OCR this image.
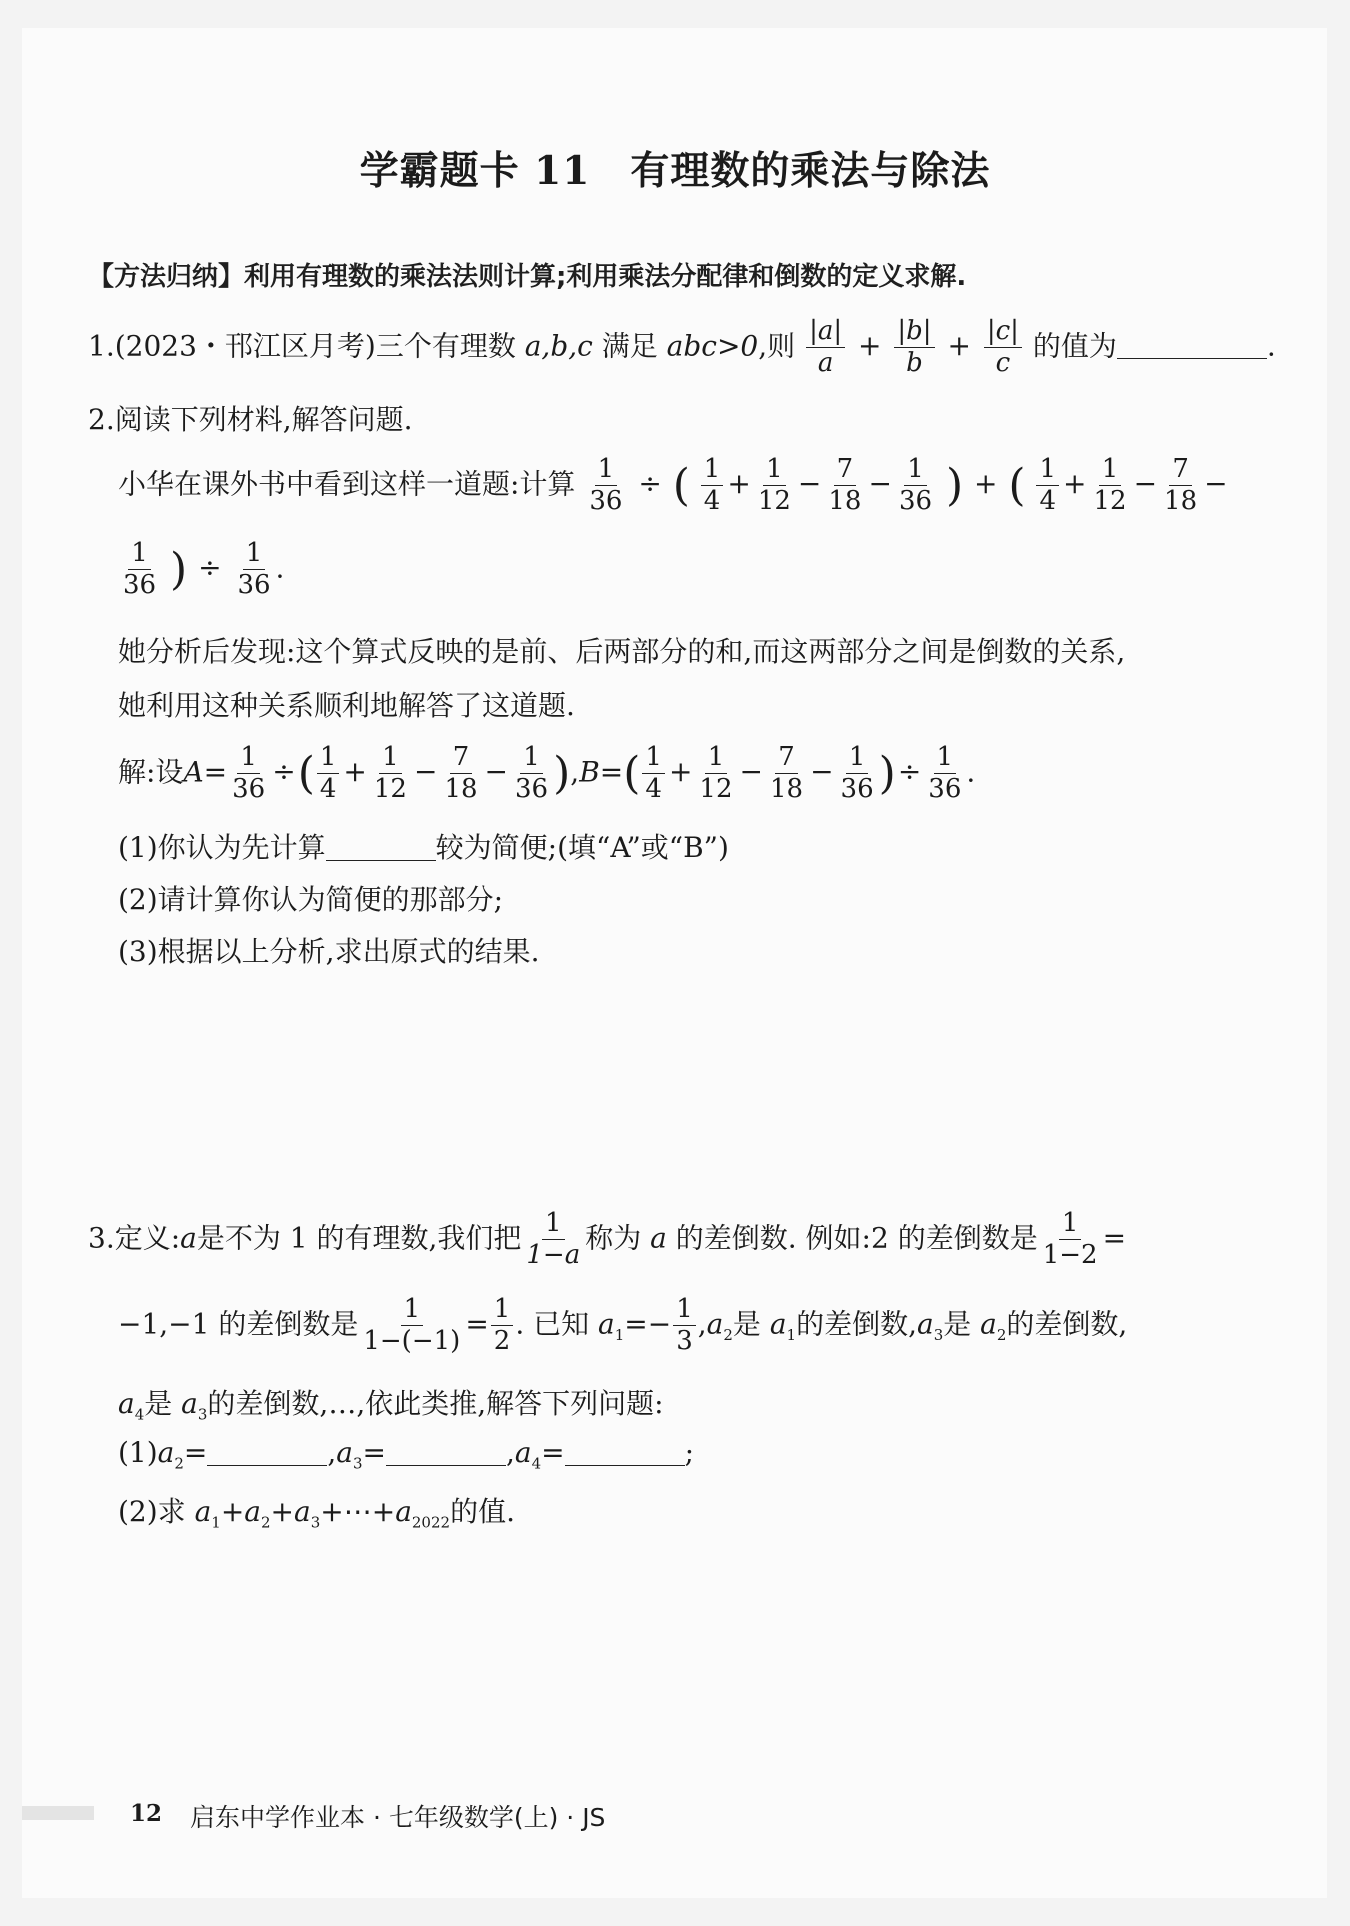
学霸题卡 11 有理数的乘法与除法
【方法归纳】利用有理数的乘法法则计算;利用乘法分配律和倒数的定义求解.
1.(2023・邗江区月考)三个有理数 a,b,c 满足 abc>0,则 $\frac{|a|}{a} + \frac{|b|}{b} + \frac{|c|}{c}$ 的值为	.
2.阅读下列材料,解答问题.
小华在课外书中看到这样一道题:计算 $\frac{1}{36}$ ÷ ( $\frac{1}{4} + \frac{1}{12} - \frac{7}{18} - \frac{1}{36}$ ) + ( $\frac{1}{4} + \frac{1}{12} - \frac{7}{18}$ −
$\frac{1}{36}$ ) ÷ $\frac{1}{36}$ .
她分析后发现:这个算式反映的是前、后两部分的和,而这两部分之间是倒数的关系,
她利用这种关系顺利地解答了这道题.
解:设$A= \frac{1}{36}$ ÷( $\frac{1}{4} + \frac{1}{12} - \frac{7}{18} - \frac{1}{36} ),B=( \frac{1}{4} + \frac{1}{12} - \frac{7}{18} - \frac{1}{36}$ )÷ $\frac{1}{36}$ .
(1)你认为先计算	较为简便;(填“A”或“B”)
(2)请计算你认为简便的那部分;
(3)根据以上分析,求出原式的结果.
3.定义:a是不为 1 的有理数,我们把 $\frac{1}{1-a}$ 称为 a 的差倒数. 例如:2 的差倒数是 $\frac{1}{1-2}$ =
−1,−1 的差倒数是 $\frac{1}{1-(-1)} = \frac{1}{2}$ . 已知 $a_1=- \frac{1}{3} ,a_2$是 $a_1$的差倒数$,a_3$是 $a_2$的差倒数,
$a_4$是 $a_3$的差倒数,…,依此类推,解答下列问题:
$(1)a_2=$	$,a_3=$	$,a_4=$	;
(2)求 $a_1+a_2+a_3+\cdots+a_{2022}$的值.
12 启东中学作业本 · 七年级数学(上) · JS
